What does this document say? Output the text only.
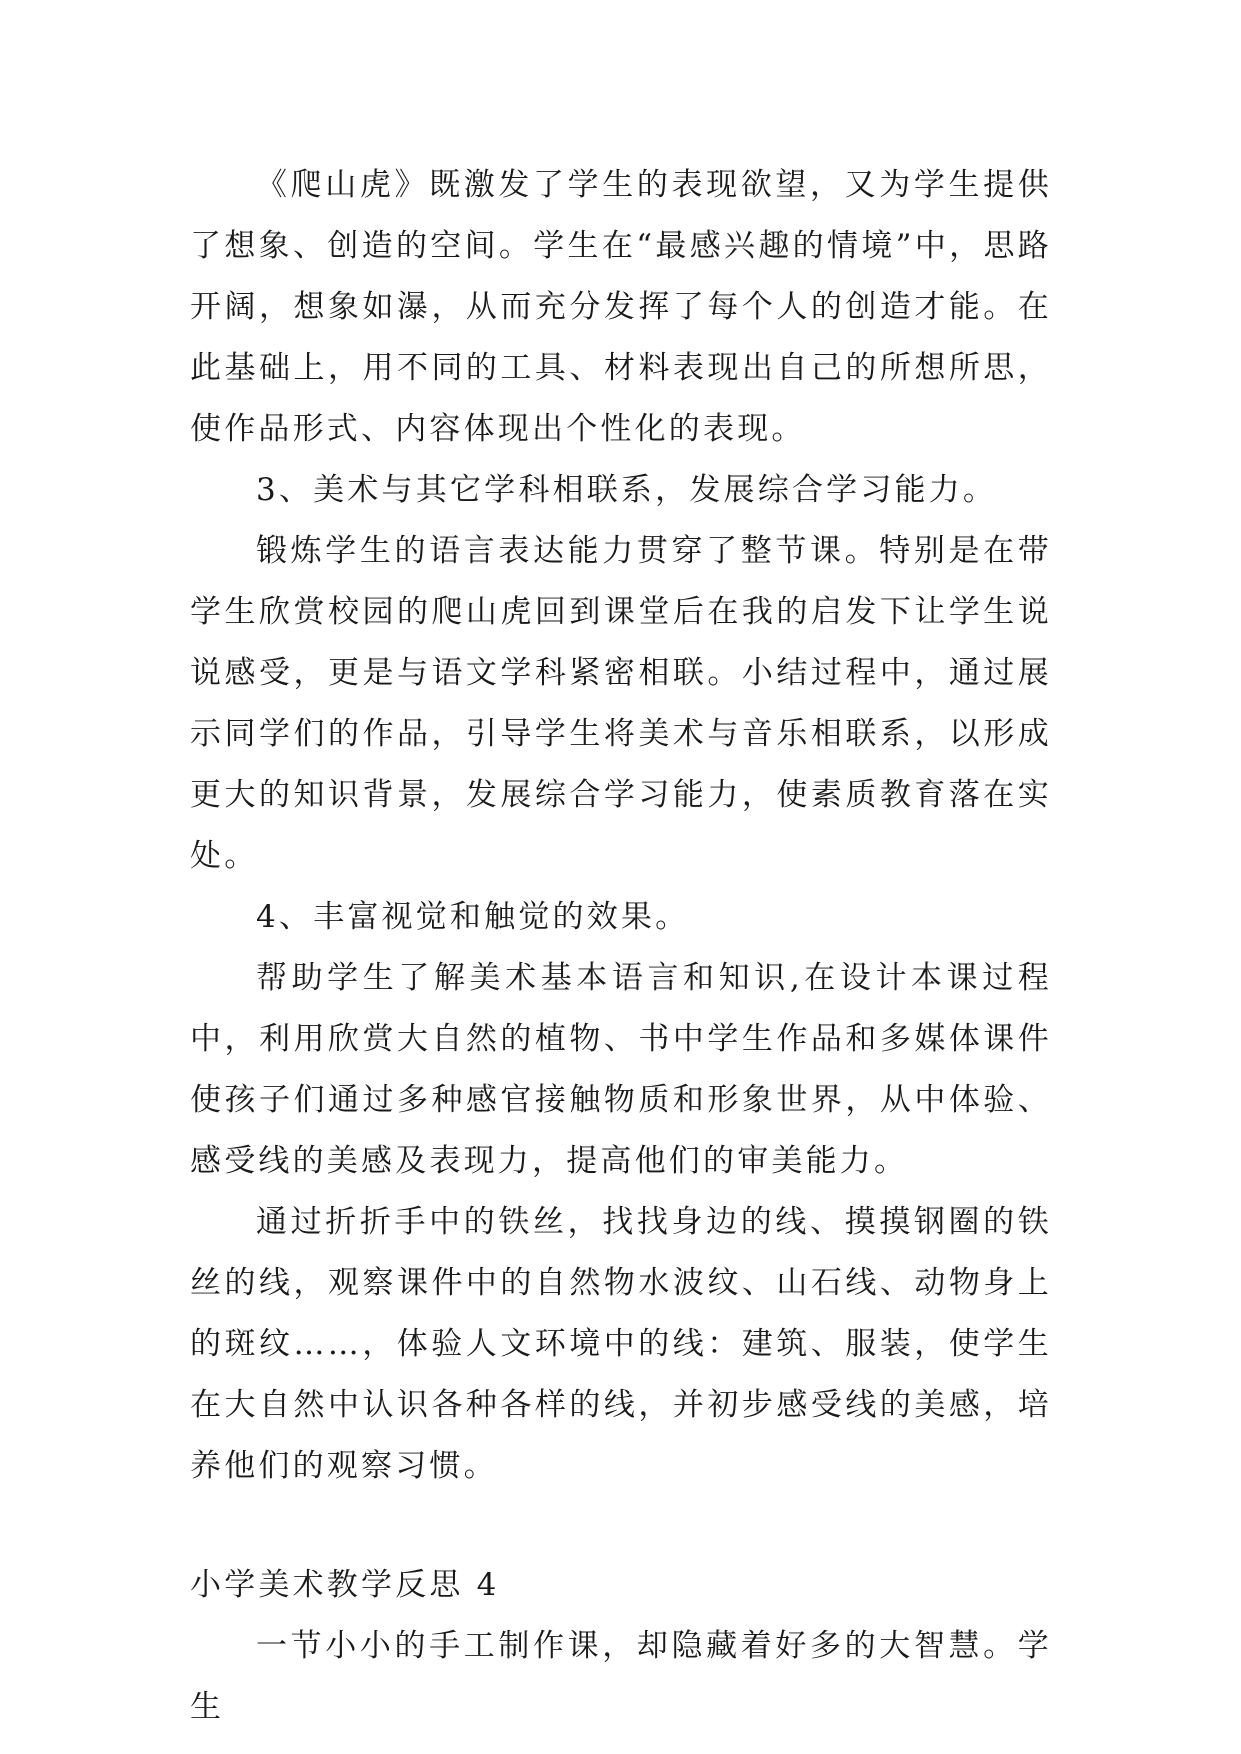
《爬山虎》既激发了学生的表现欲望，又为学生提供了想象、创造的空间。学生在“最感兴趣的情境”中，思路开阔，想象如瀑，从而充分发挥了每个人的创造才能。在此基础上，用不同的工具、材料表现出自己的所想所思，使作品形式、内容体现出个性化的表现。

3、美术与其它学科相联系，发展综合学习能力。

锻炼学生的语言表达能力贯穿了整节课。特别是在带学生欣赏校园的爬山虎回到课堂后在我的启发下让学生说说感受，更是与语文学科紧密相联。小结过程中，通过展示同学们的作品，引导学生将美术与音乐相联系，以形成更大的知识背景，发展综合学习能力，使素质教育落在实处。

4、丰富视觉和触觉的效果。

帮助学生了解美术基本语言和知识,在设计本课过程中，利用欣赏大自然的植物、书中学生作品和多媒体课件使孩子们通过多种感官接触物质和形象世界，从中体验、感受线的美感及表现力，提高他们的审美能力。

通过折折手中的铁丝，找找身边的线、摸摸钢圈的铁丝的线，观察课件中的自然物水波纹、山石线、动物身上的斑纹……，体验人文环境中的线：建筑、服装，使学生在大自然中认识各种各样的线，并初步感受线的美感，培养他们的观察习惯。

小学美术教学反思 4

一节小小的手工制作课，却隐藏着好多的大智慧。学生
